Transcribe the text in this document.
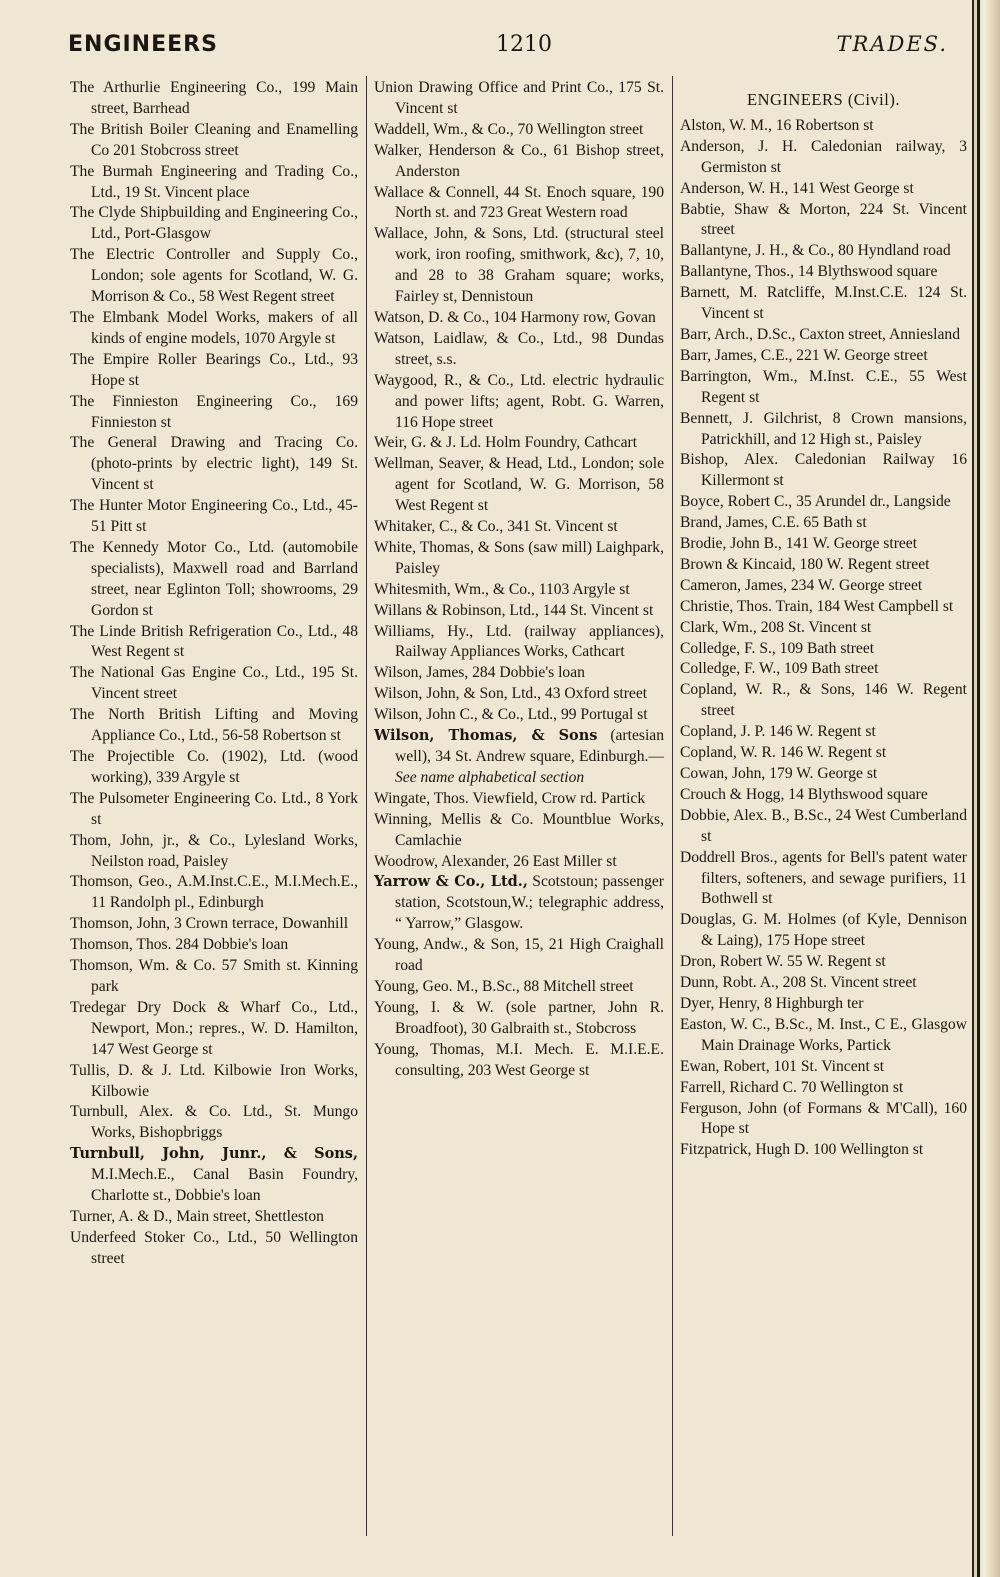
ENGINEERS	1210	TRADES.

The Arthurlie Engineering Co., 199 Main street, Barrhead

The British Boiler Cleaning and Enamelling Co 201 Stobcross street

The Burmah Engineering and Trading Co., Ltd., 19 St. Vincent place

The Clyde Shipbuilding and Engineering Co., Ltd., Port-Glasgow

The Electric Controller and Supply Co., London; sole agents for Scotland, W. G. Morrison & Co., 58 West Regent street

The Elmbank Model Works, makers of all kinds of engine models, 1070 Argyle st

The Empire Roller Bearings Co., Ltd., 93 Hope st

The Finnieston Engineering Co., 169 Finnieston st

The General Drawing and Tracing Co. (photo-prints by electric light), 149 St. Vincent st

The Hunter Motor Engineering Co., Ltd., 45-51 Pitt st

The Kennedy Motor Co., Ltd. (automobile specialists), Maxwell road and Barrland street, near Eglinton Toll; showrooms, 29 Gordon st

The Linde British Refrigeration Co., Ltd., 48 West Regent st

The National Gas Engine Co., Ltd., 195 St. Vincent street

The North British Lifting and Moving Appliance Co., Ltd., 56-58 Robertson st

The Projectible Co. (1902), Ltd. (wood working), 339 Argyle st

The Pulsometer Engineering Co. Ltd., 8 York st

Thom, John, jr., & Co., Lylesland Works, Neilston road, Paisley

Thomson, Geo., A.M.Inst.C.E., M.I.Mech.E., 11 Randolph pl., Edinburgh

Thomson, John, 3 Crown terrace, Dowanhill

Thomson, Thos. 284 Dobbie's loan

Thomson, Wm. & Co. 57 Smith st. Kinning park

Tredegar Dry Dock & Wharf Co., Ltd., Newport, Mon.; repres., W. D. Hamilton, 147 West George st

Tullis, D. & J. Ltd. Kilbowie Iron Works, Kilbowie

Turnbull, Alex. & Co. Ltd., St. Mungo Works, Bishopbriggs

Turnbull, John, Junr., & Sons, M.I.Mech.E., Canal Basin Foundry, Charlotte st., Dobbie's loan

Turner, A. & D., Main street, Shettleston

Underfeed Stoker Co., Ltd., 50 Wellington street

Union Drawing Office and Print Co., 175 St. Vincent st

Waddell, Wm., & Co., 70 Wellington street

Walker, Henderson & Co., 61 Bishop street, Anderston

Wallace & Connell, 44 St. Enoch square, 190 North st. and 723 Great Western road

Wallace, John, & Sons, Ltd. (structural steel work, iron roofing, smithwork, &c), 7, 10, and 28 to 38 Graham square; works, Fairley st, Dennistoun

Watson, D. & Co., 104 Harmony row, Govan

Watson, Laidlaw, & Co., Ltd., 98 Dundas street, s.s.

Waygood, R., & Co., Ltd. electric hydraulic and power lifts; agent, Robt. G. Warren, 116 Hope street

Weir, G. & J. Ld. Holm Foundry, Cathcart

Wellman, Seaver, & Head, Ltd., London; sole agent for Scotland, W. G. Morrison, 58 West Regent st

Whitaker, C., & Co., 341 St. Vincent st

White, Thomas, & Sons (saw mill) Laighpark, Paisley

Whitesmith, Wm., & Co., 1103 Argyle st

Willans & Robinson, Ltd., 144 St. Vincent st

Williams, Hy., Ltd. (railway appliances), Railway Appliances Works, Cathcart

Wilson, James, 284 Dobbie's loan

Wilson, John, & Son, Ltd., 43 Oxford street

Wilson, John C., & Co., Ltd., 99 Portugal st

Wilson, Thomas, & Sons (artesian well), 34 St. Andrew square, Edinburgh.—See name alphabetical section

Wingate, Thos. Viewfield, Crow rd. Partick

Winning, Mellis & Co. Mountblue Works, Camlachie

Woodrow, Alexander, 26 East Miller st

Yarrow & Co., Ltd., Scotstoun; passenger station, Scotstoun,W.; telegraphic address, “ Yarrow,” Glasgow.

Young, Andw., & Son, 15, 21 High Craighall road

Young, Geo. M., B.Sc., 88 Mitchell street

Young, I. & W. (sole partner, John R. Broadfoot), 30 Galbraith st., Stobcross

Young, Thomas, M.I. Mech. E. M.I.E.E. consulting, 203 West George st

ENGINEERS (Civil).

Alston, W. M., 16 Robertson st

Anderson, J. H. Caledonian railway, 3 Germiston st

Anderson, W. H., 141 West George st

Babtie, Shaw & Morton, 224 St. Vincent street

Ballantyne, J. H., & Co., 80 Hyndland road

Ballantyne, Thos., 14 Blythswood square

Barnett, M. Ratcliffe, M.Inst.C.E. 124 St. Vincent st

Barr, Arch., D.Sc., Caxton street, Anniesland

Barr, James, C.E., 221 W. George street

Barrington, Wm., M.Inst. C.E., 55 West Regent st

Bennett, J. Gilchrist, 8 Crown mansions, Patrickhill, and 12 High st., Paisley

Bishop, Alex. Caledonian Railway 16 Killermont st

Boyce, Robert C., 35 Arundel dr., Langside

Brand, James, C.E. 65 Bath st

Brodie, John B., 141 W. George street

Brown & Kincaid, 180 W. Regent street

Cameron, James, 234 W. George street

Christie, Thos. Train, 184 West Campbell st

Clark, Wm., 208 St. Vincent st

Colledge, F. S., 109 Bath street

Colledge, F. W., 109 Bath street

Copland, W. R., & Sons, 146 W. Regent street

Copland, J. P. 146 W. Regent st

Copland, W. R. 146 W. Regent st

Cowan, John, 179 W. George st

Crouch & Hogg, 14 Blythswood square

Dobbie, Alex. B., B.Sc., 24 West Cumberland st

Doddrell Bros., agents for Bell's patent water filters, softeners, and sewage purifiers, 11 Bothwell st

Douglas, G. M. Holmes (of Kyle, Dennison & Laing), 175 Hope street

Dron, Robert W. 55 W. Regent st

Dunn, Robt. A., 208 St. Vincent street

Dyer, Henry, 8 Highburgh ter

Easton, W. C., B.Sc., M. Inst., C E., Glasgow Main Drainage Works, Partick

Ewan, Robert, 101 St. Vincent st

Farrell, Richard C. 70 Wellington st

Ferguson, John (of Formans & M'Call), 160 Hope st

Fitzpatrick, Hugh D. 100 Wellington st
